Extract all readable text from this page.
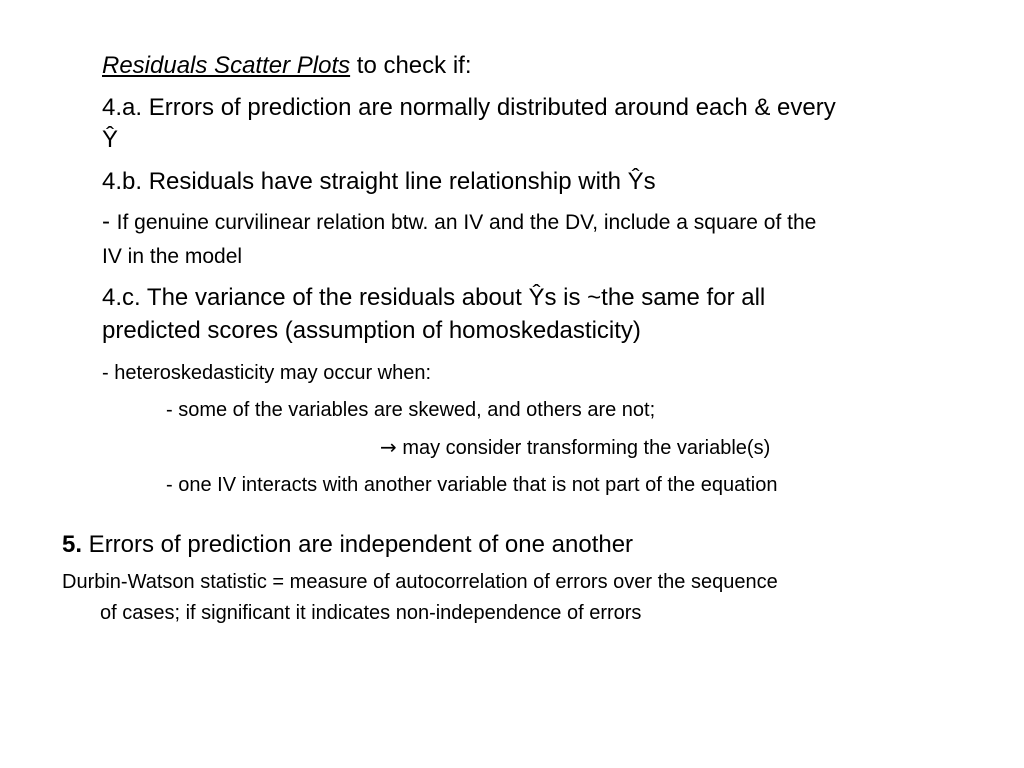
Residuals Scatter Plots to check if:

4.a. Errors of prediction are normally distributed around each & every

Ŷ

4.b. Residuals have straight line relationship with Ŷs

- If genuine curvilinear relation btw. an IV and the DV, include a square of the

IV in the model

4.c. The variance of the residuals about Ŷs is ~the same for all

predicted scores (assumption of homoskedasticity)

- heteroskedasticity may occur when:

- some of the variables are skewed, and others are not;

→ may consider transforming the variable(s)

- one IV interacts with another variable that is not part of the equation

5. Errors of prediction are independent of one another

Durbin-Watson statistic = measure of autocorrelation of errors over the sequence

of cases; if significant it indicates non-independence of errors
